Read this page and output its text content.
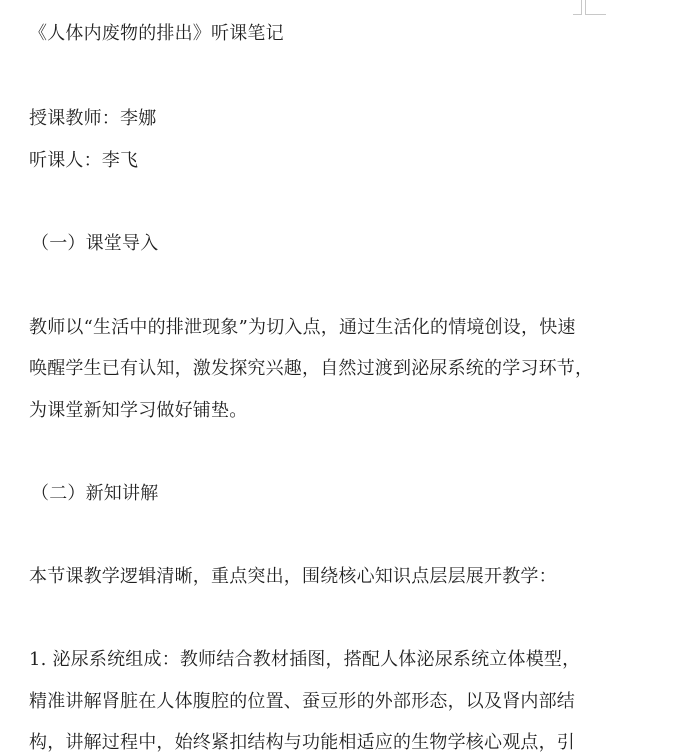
《人体内废物的排出》听课笔记
授课教师：李娜
听课人：李飞
（一）课堂导入
教师以“生活中的排泄现象”为切入点，通过生活化的情境创设，快速
唤醒学生已有认知，激发探究兴趣，自然过渡到泌尿系统的学习环节，
为课堂新知学习做好铺垫。
（二）新知讲解
本节课教学逻辑清晰，重点突出，围绕核心知识点层层展开教学：
1. 泌尿系统组成：教师结合教材插图，搭配人体泌尿系统立体模型，
精准讲解肾脏在人体腹腔的位置、蚕豆形的外部形态，以及肾内部结
构，讲解过程中，始终紧扣结构与功能相适应的生物学核心观点，引
